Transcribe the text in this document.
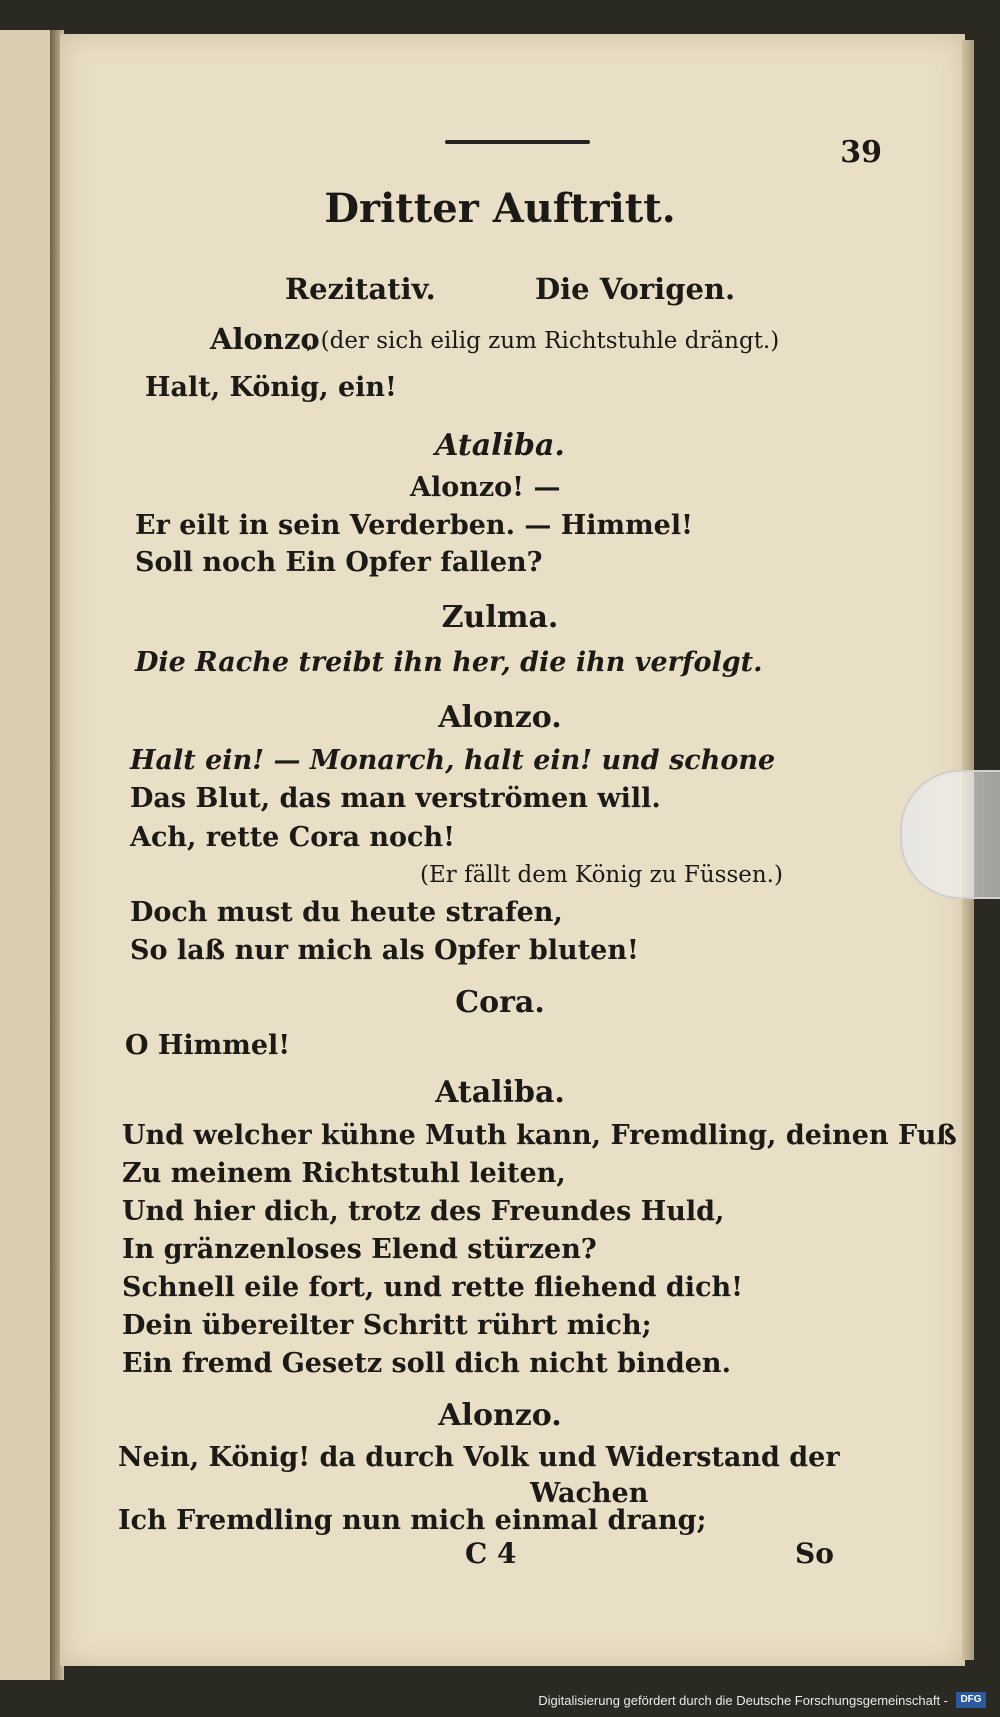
39
Dritter Auftritt.
Rezitativ.	Die Vorigen.
Alonzo
, (der sich eilig zum Richtstuhle drängt.)
Halt, König, ein!
Ataliba.
Alonzo! —
Er eilt in sein Verderben. — Himmel!
Soll noch Ein Opfer fallen?
Zulma.
Die Rache treibt ihn her, die ihn verfolgt.
Alonzo.
Halt ein! — Monarch, halt ein! und schone
Das Blut, das man verströmen will.
Ach, rette Cora noch!
(Er fällt dem König zu Füssen.)
Doch must du heute strafen,
So laß nur mich als Opfer bluten!
Cora.
O Himmel!
Ataliba.
Und welcher kühne Muth kann, Fremdling, deinen Fuß
Zu meinem Richtstuhl leiten,
Und hier dich, trotz des Freundes Huld,
In gränzenloses Elend stürzen?
Schnell eile fort, und rette fliehend dich!
Dein übereilter Schritt rührt mich;
Ein fremd Gesetz soll dich nicht binden.
Alonzo.
Nein, König! da durch Volk und Widerstand der
Wachen
Ich Fremdling nun mich einmal drang;
C 4	So
Digitalisierung gefördert durch die Deutsche Forschungsgemeinschaft -	DFG
